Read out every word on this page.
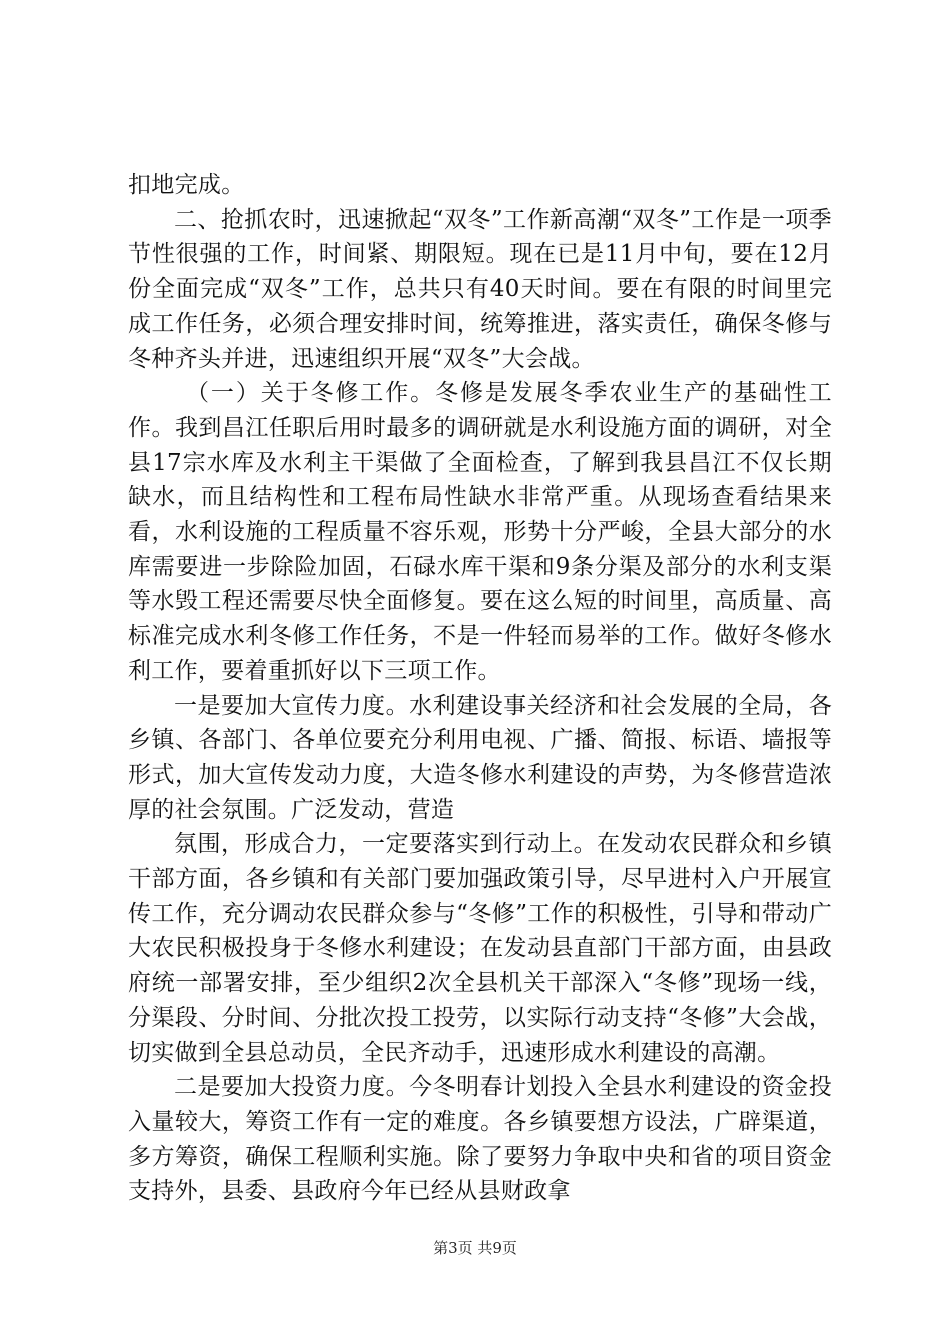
扣地完成。

二、抢抓农时，迅速掀起“双冬”工作新高潮“双冬”工作是一项季节性很强的工作，时间紧、期限短。现在已是11月中旬，要在12月份全面完成“双冬”工作，总共只有40天时间。要在有限的时间里完成工作任务，必须合理安排时间，统筹推进，落实责任，确保冬修与冬种齐头并进，迅速组织开展“双冬”大会战。

（一）关于冬修工作。冬修是发展冬季农业生产的基础性工作。我到昌江任职后用时最多的调研就是水利设施方面的调研，对全县17宗水库及水利主干渠做了全面检查，了解到我县昌江不仅长期缺水，而且结构性和工程布局性缺水非常严重。从现场查看结果来看，水利设施的工程质量不容乐观，形势十分严峻，全县大部分的水库需要进一步除险加固，石碌水库干渠和9条分渠及部分的水利支渠等水毁工程还需要尽快全面修复。要在这么短的时间里，高质量、高标准完成水利冬修工作任务，不是一件轻而易举的工作。做好冬修水利工作，要着重抓好以下三项工作。

一是要加大宣传力度。水利建设事关经济和社会发展的全局，各乡镇、各部门、各单位要充分利用电视、广播、简报、标语、墙报等形式，加大宣传发动力度，大造冬修水利建设的声势，为冬修营造浓厚的社会氛围。广泛发动，营造

氛围，形成合力，一定要落实到行动上。在发动农民群众和乡镇干部方面，各乡镇和有关部门要加强政策引导，尽早进村入户开展宣传工作，充分调动农民群众参与“冬修”工作的积极性，引导和带动广大农民积极投身于冬修水利建设；在发动县直部门干部方面，由县政府统一部署安排，至少组织2次全县机关干部深入“冬修”现场一线，分渠段、分时间、分批次投工投劳，以实际行动支持“冬修”大会战，切实做到全县总动员，全民齐动手，迅速形成水利建设的高潮。

二是要加大投资力度。今冬明春计划投入全县水利建设的资金投入量较大，筹资工作有一定的难度。各乡镇要想方设法，广辟渠道，多方筹资，确保工程顺利实施。除了要努力争取中央和省的项目资金支持外，县委、县政府今年已经从县财政拿

第3页 共9页
